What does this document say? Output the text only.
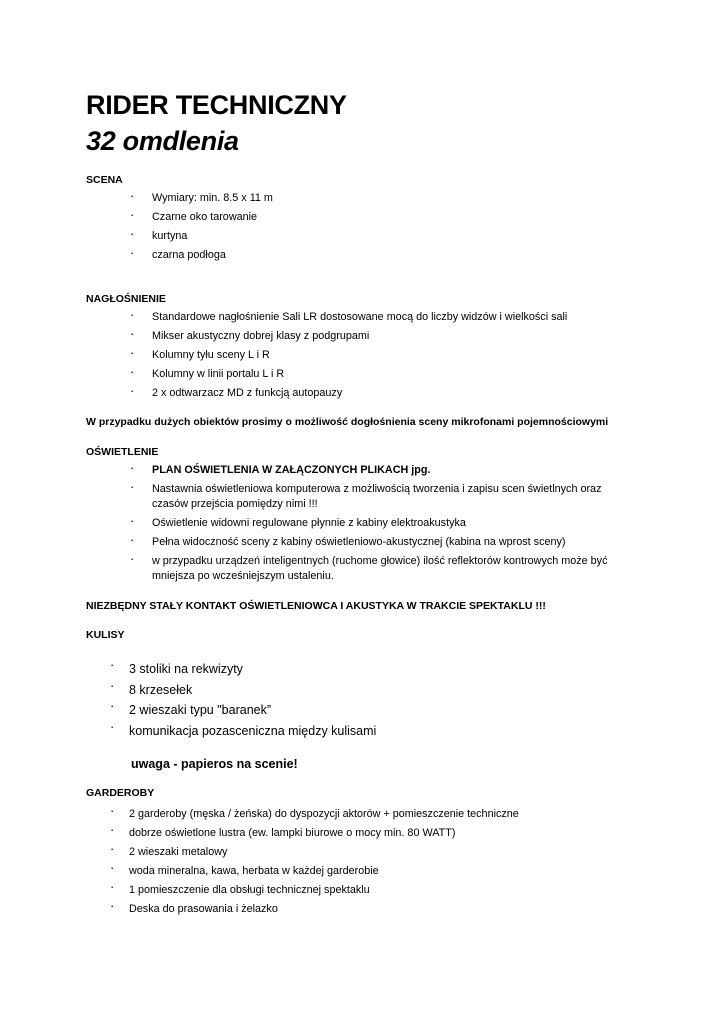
RIDER TECHNICZNY
32 omdlenia
SCENA
· Wymiary: min. 8.5 x 11 m
· Czarne oko tarowanie
· kurtyna
· czarna podłoga
NAGŁOŚNIENIE
· Standardowe nagłośnienie Sali LR dostosowane mocą do liczby widzów i wielkości sali
· Mikser akustyczny dobrej klasy z podgrupami
· Kolumny tyłu sceny L i R
· Kolumny w linii portalu L i R
· 2 x odtwarzacz MD z funkcją autopauzy
W przypadku dużych obiektów prosimy o możliwość dogłośnienia sceny mikrofonami pojemnościowymi
OŚWIETLENIE
· PLAN OŚWIETLENIA W ZAŁĄCZONYCH PLIKACH jpg.
· Nastawnia oświetleniowa komputerowa z możliwością tworzenia i zapisu scen świetlnych oraz czasów przejścia pomiędzy nimi !!!
· Oświetlenie widowni regulowane płynnie z kabiny elektroakustyka
· Pełna widoczność sceny z kabiny oświetleniowo-akustycznej (kabina na wprost sceny)
· w przypadku urządzeń inteligentnych (ruchome głowice) ilość reflektorów kontrowych może być mniejsza po wcześniejszym ustaleniu.
NIEZBĘDNY STAŁY KONTAKT OŚWIETLENIOWCA I AKUSTYKA W TRAKCIE SPEKTAKLU !!!
KULISY
· 3 stoliki na rekwizyty
· 8 krzesełek
· 2 wieszaki typu "baranek”
· komunikacja pozasceniczna między kulisami
uwaga - papieros na scenie!
GARDEROBY
· 2 garderoby (męska / żeńska) do dyspozycji aktorów + pomieszczenie techniczne
· dobrze oświetlone lustra (ew. lampki biurowe o mocy min. 80 WATT)
· 2 wieszaki metalowy
· woda mineralna, kawa, herbata w każdej garderobie
· 1 pomieszczenie dla obsługi technicznej spektaklu
· Deska do prasowania i żelazko
